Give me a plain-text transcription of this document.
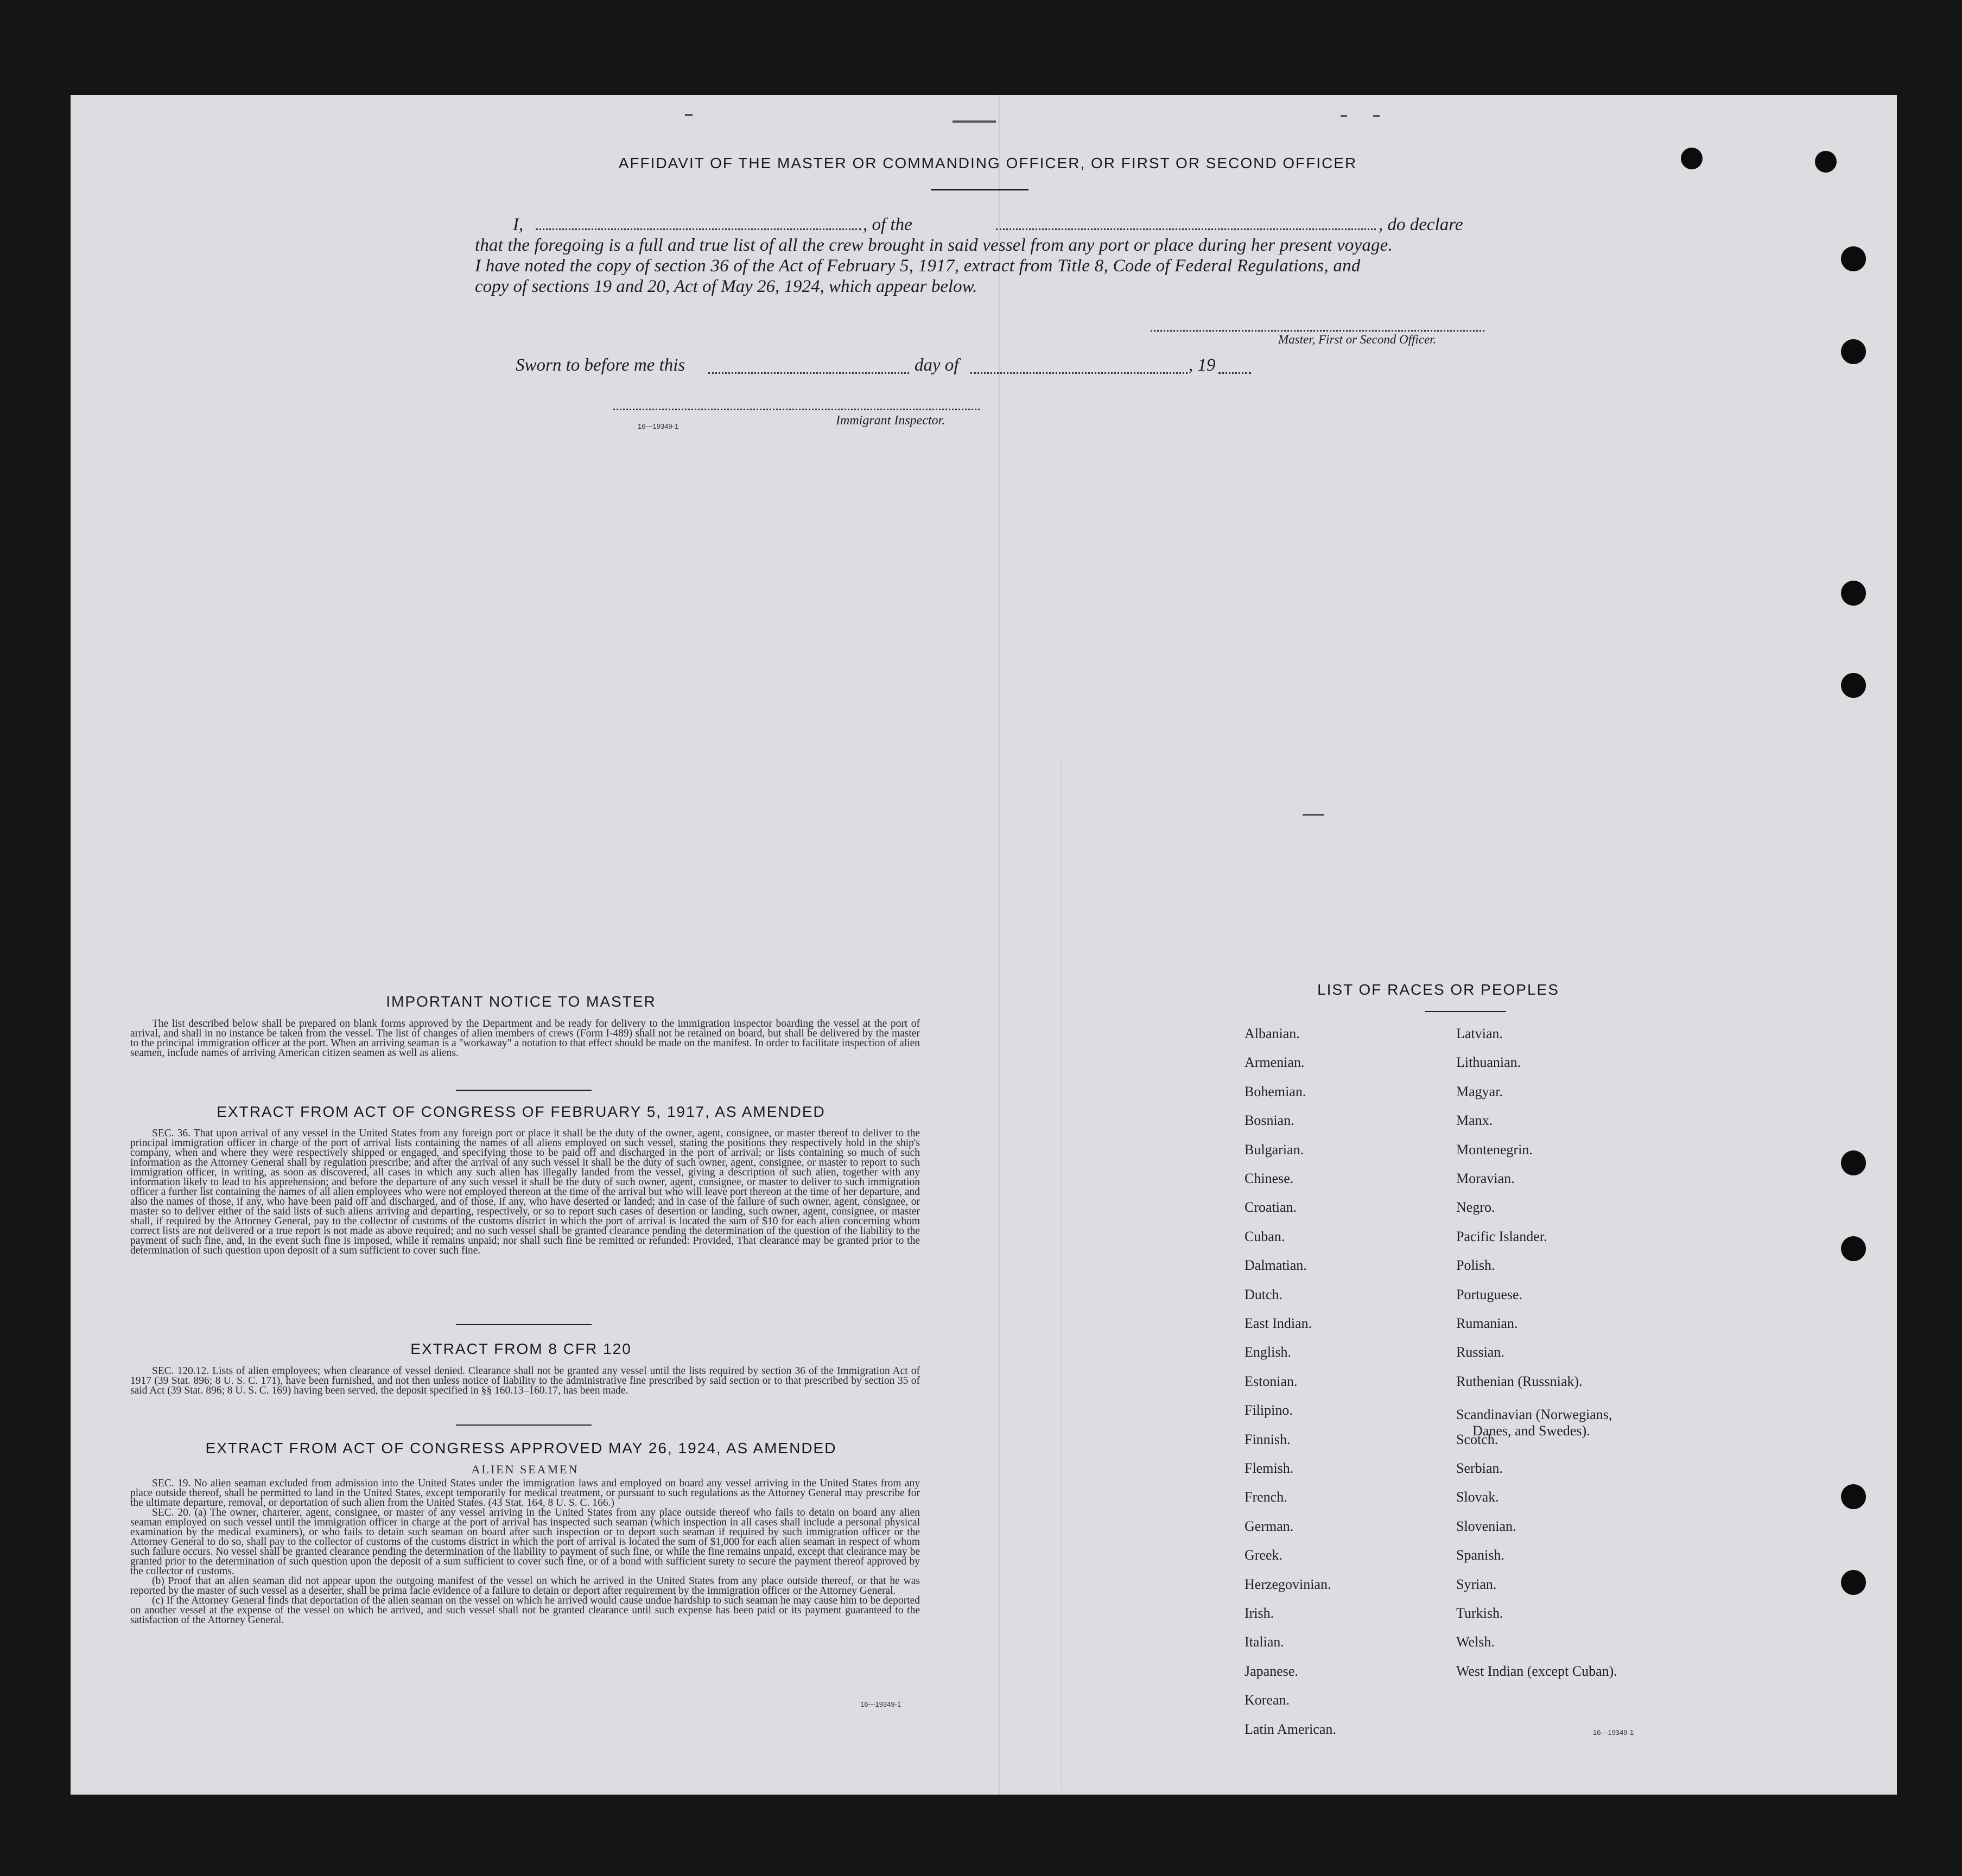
AFFIDAVIT OF THE MASTER OR COMMANDING OFFICER, OR FIRST OR SECOND OFFICER
I,	, of the	, do declare
that the foregoing is a full and true list of all the crew brought in said vessel from any port or place during her present voyage.
I have noted the copy of section 36 of the Act of February 5, 1917, extract from Title 8, Code of Federal Regulations, and
copy of sections 19 and 20, Act of May 26, 1924, which appear below.
Master, First or Second Officer.
Sworn to before me this	day of	, 19
16—19349-1	Immigrant Inspector.
IMPORTANT NOTICE TO MASTER

The list described below shall be prepared on blank forms approved by the Department and be ready for delivery to the immigration inspector boarding the vessel at the port of arrival, and shall in no instance be taken from the vessel. The list of changes of alien members of crews (Form I-489) shall not be retained on board, but shall be delivered by the master to the principal immigration officer at the port. When an arriving seaman is a "workaway" a notation to that effect should be made on the manifest. In order to facilitate inspection of alien seamen, include names of arriving American citizen seamen as well as aliens.

EXTRACT FROM ACT OF CONGRESS OF FEBRUARY 5, 1917, AS AMENDED

SEC. 36. That upon arrival of any vessel in the United States from any foreign port or place it shall be the duty of the owner, agent, consignee, or master thereof to deliver to the principal immigration officer in charge of the port of arrival lists containing the names of all aliens employed on such vessel, stating the positions they respectively hold in the ship's company, when and where they were respectively shipped or engaged, and specifying those to be paid off and discharged in the port of arrival; or lists containing so much of such information as the Attorney General shall by regulation prescribe; and after the arrival of any such vessel it shall be the duty of such owner, agent, consignee, or master to report to such immigration officer, in writing, as soon as discovered, all cases in which any such alien has illegally landed from the vessel, giving a description of such alien, together with any information likely to lead to his apprehension; and before the departure of any such vessel it shall be the duty of such owner, agent, consignee, or master to deliver to such immigration officer a further list containing the names of all alien employees who were not employed thereon at the time of the arrival but who will leave port thereon at the time of her departure, and also the names of those, if any, who have been paid off and discharged, and of those, if any, who have deserted or landed; and in case of the failure of such owner, agent, consignee, or master so to deliver either of the said lists of such aliens arriving and departing, respectively, or so to report such cases of desertion or landing, such owner, agent, consignee, or master shall, if required by the Attorney General, pay to the collector of customs of the customs district in which the port of arrival is located the sum of $10 for each alien concerning whom correct lists are not delivered or a true report is not made as above required; and no such vessel shall be granted clearance pending the determination of the question of the liability to the payment of such fine, and, in the event such fine is imposed, while it remains unpaid; nor shall such fine be remitted or refunded: Provided, That clearance may be granted prior to the determination of such question upon deposit of a sum sufficient to cover such fine.

EXTRACT FROM 8 CFR 120

SEC. 120.12. Lists of alien employees; when clearance of vessel denied. Clearance shall not be granted any vessel until the lists required by section 36 of the Immigration Act of 1917 (39 Stat. 896; 8 U. S. C. 171), have been furnished, and not then unless notice of liability to the administrative fine prescribed by said section or to that prescribed by section 35 of said Act (39 Stat. 896; 8 U. S. C. 169) having been served, the deposit specified in §§ 160.13–160.17, has been made.

EXTRACT FROM ACT OF CONGRESS APPROVED MAY 26, 1924, AS AMENDED

ALIEN SEAMEN

SEC. 19. No alien seaman excluded from admission into the United States under the immigration laws and employed on board any vessel arriving in the United States from any place outside thereof, shall be permitted to land in the United States, except temporarily for medical treatment, or pursuant to such regulations as the Attorney General may prescribe for the ultimate departure, removal, or deportation of such alien from the United States. (43 Stat. 164, 8 U. S. C. 166.)

SEC. 20. (a) The owner, charterer, agent, consignee, or master of any vessel arriving in the United States from any place outside thereof who fails to detain on board any alien seaman employed on such vessel until the immigration officer in charge at the port of arrival has inspected such seaman (which inspection in all cases shall include a personal physical examination by the medical examiners), or who fails to detain such seaman on board after such inspection or to deport such seaman if required by such immigration officer or the Attorney General to do so, shall pay to the collector of customs of the customs district in which the port of arrival is located the sum of $1,000 for each alien seaman in respect of whom such failure occurs. No vessel shall be granted clearance pending the determination of the liability to payment of such fine, or while the fine remains unpaid, except that clearance may be granted prior to the determination of such question upon the deposit of a sum sufficient to cover such fine, or of a bond with sufficient surety to secure the payment thereof approved by the collector of customs.

(b) Proof that an alien seaman did not appear upon the outgoing manifest of the vessel on which he arrived in the United States from any place outside thereof, or that he was reported by the master of such vessel as a deserter, shall be prima facie evidence of a failure to detain or deport after requirement by the immigration officer or the Attorney General.

(c) If the Attorney General finds that deportation of the alien seaman on the vessel on which he arrived would cause undue hardship to such seaman he may cause him to be deported on another vessel at the expense of the vessel on which he arrived, and such vessel shall not be granted clearance until such expense has been paid or its payment guaranteed to the satisfaction of the Attorney General.

16—19349-1
LIST OF RACES OR PEOPLES
Albanian.
Armenian.
Bohemian.
Bosnian.
Bulgarian.
Chinese.
Croatian.
Cuban.
Dalmatian.
Dutch.
East Indian.
English.
Estonian.
Filipino.
Finnish.
Flemish.
French.
German.
Greek.
Herzegovinian.
Irish.
Italian.
Japanese.
Korean.
Latin American.
Latvian.
Lithuanian.
Magyar.
Manx.
Montenegrin.
Moravian.
Negro.
Pacific Islander.
Polish.
Portuguese.
Rumanian.
Russian.
Ruthenian (Russniak).
Scandinavian (Norwegians,
Danes, and Swedes).
Scotch.
Serbian.
Slovak.
Slovenian.
Spanish.
Syrian.
Turkish.
Welsh.
West Indian (except Cuban).
16—19349-1
